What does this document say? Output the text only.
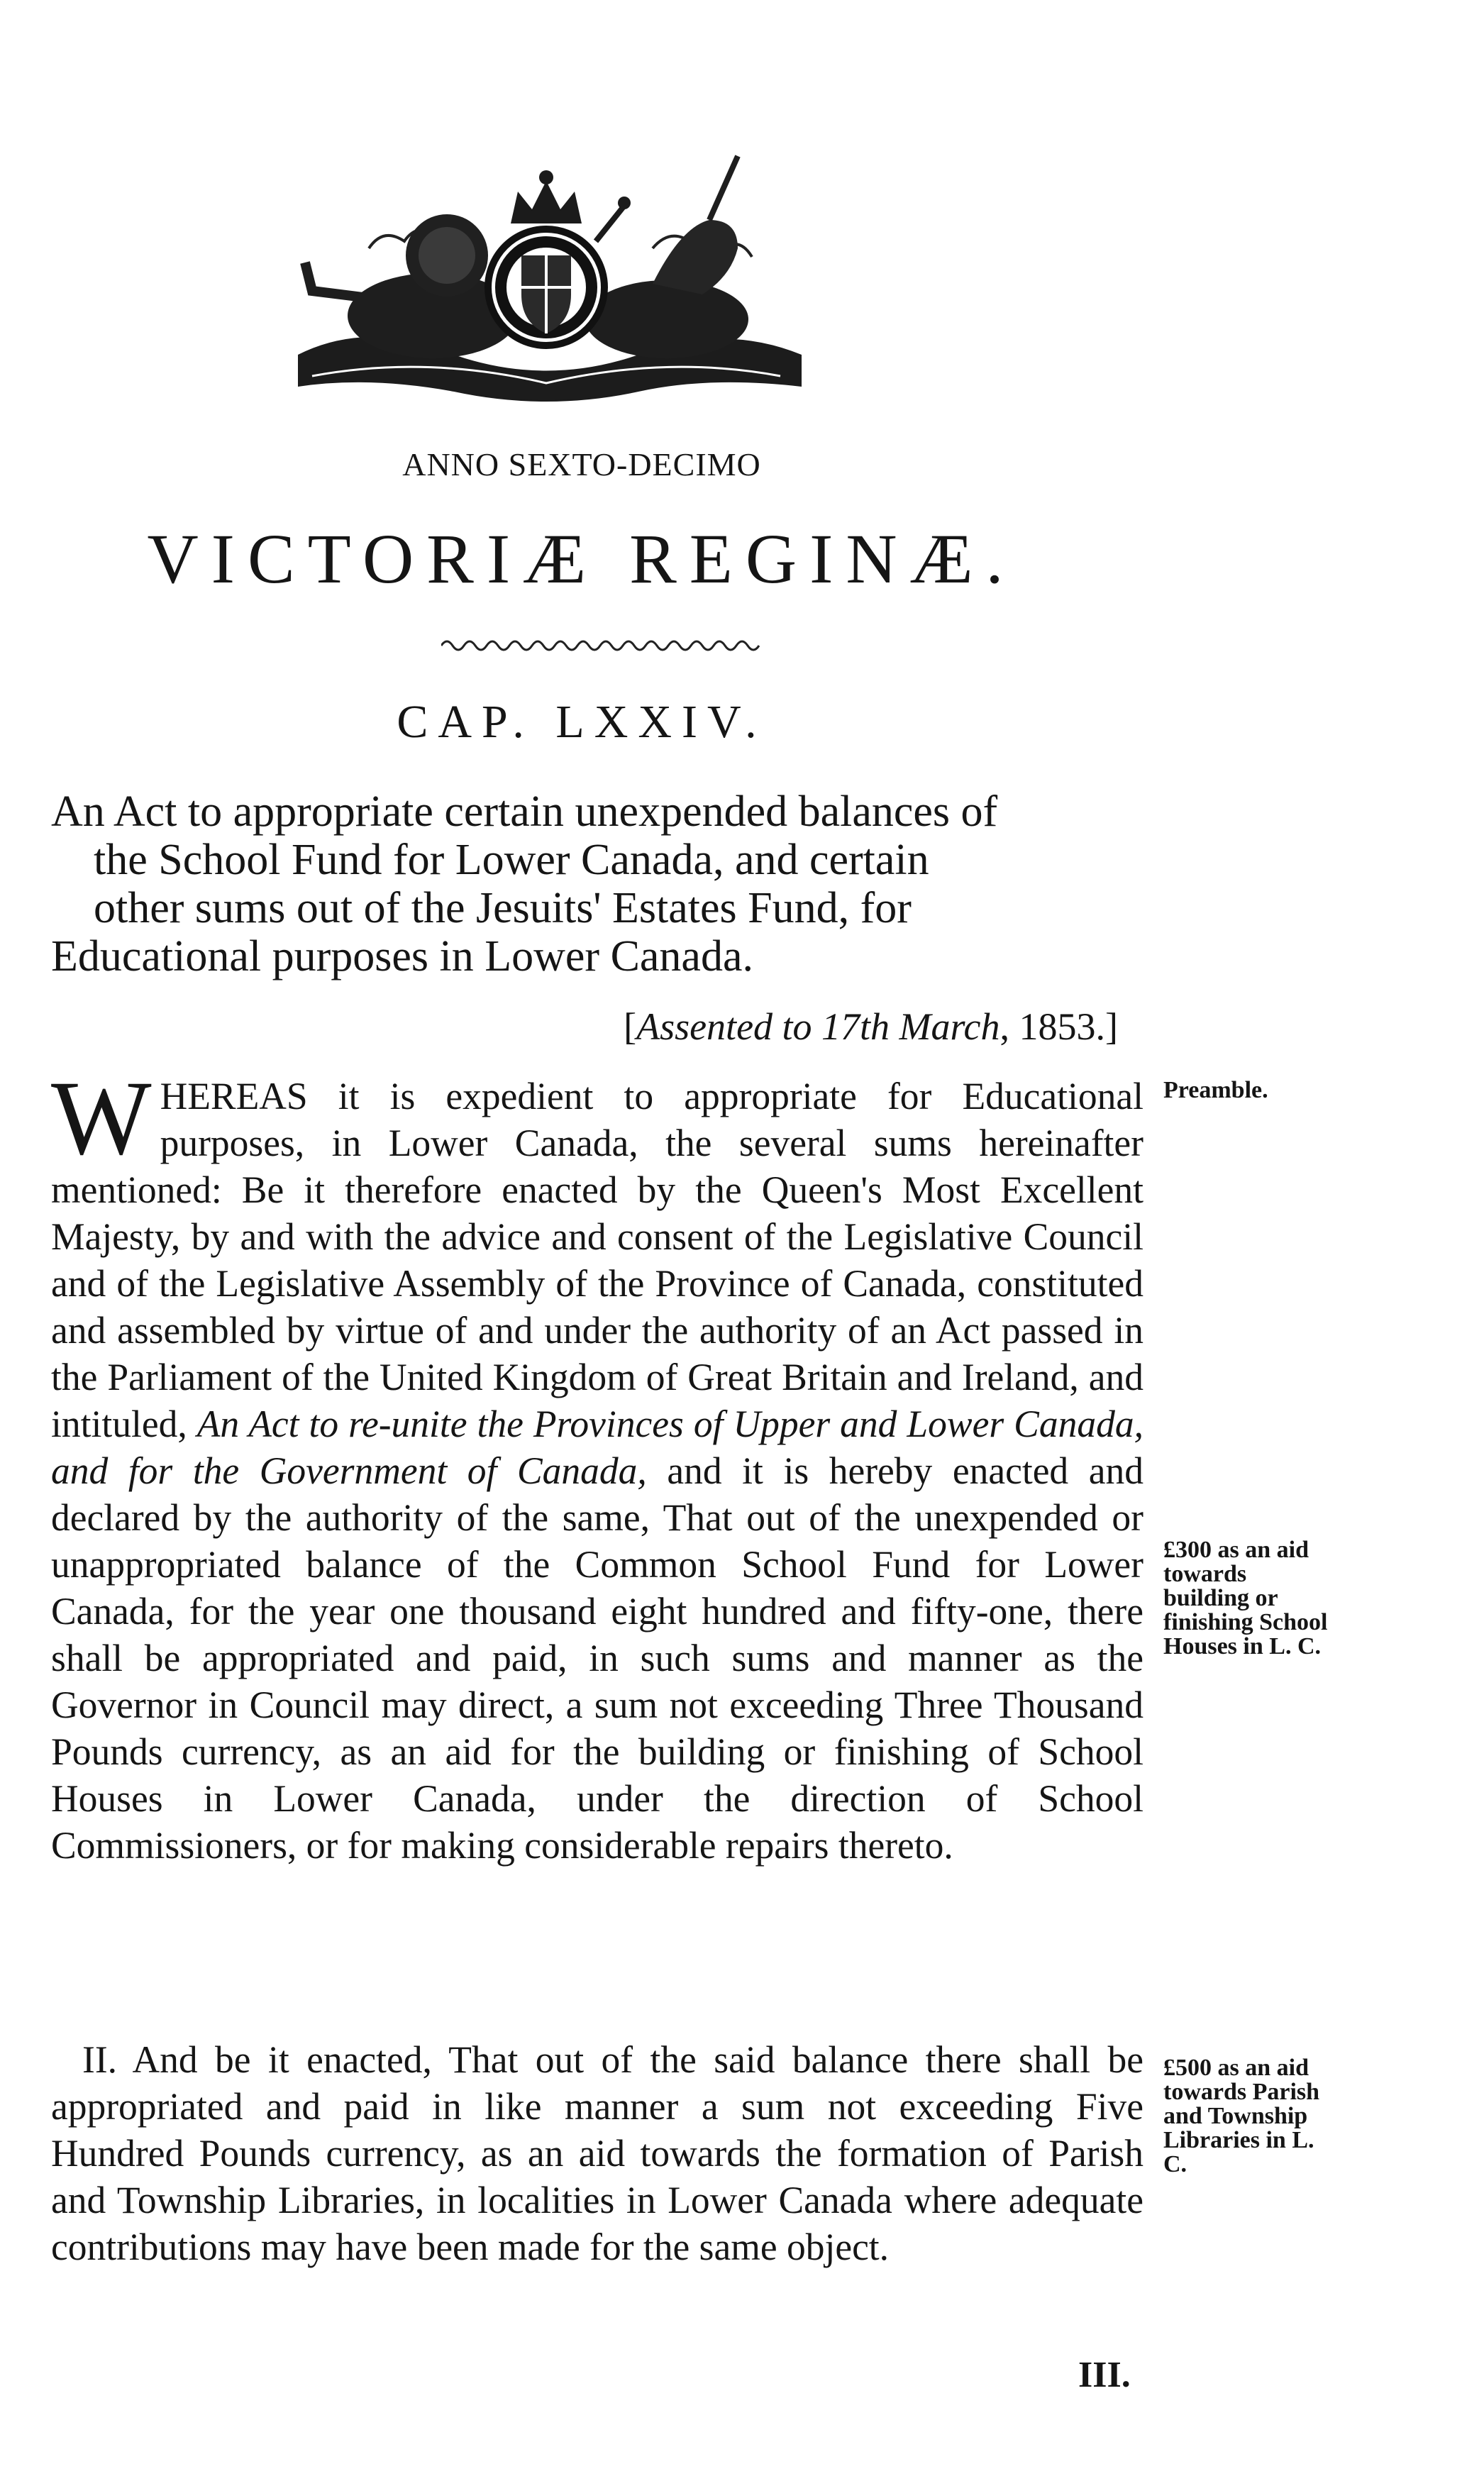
ANNO SEXTO-DECIMO
VICTORIÆ REGINÆ.
CAP. LXXIV.
An Act to appropriate certain unexpended balances of
the School Fund for Lower Canada, and certain
other sums out of the Jesuits' Estates Fund, for
Educational purposes in Lower Canada.
[Assented to 17th March, 1853.]
WHEREAS it is expedient to appropriate for Educational purposes, in Lower Canada, the several sums hereinafter mentioned: Be it therefore enacted by the Queen's Most Excellent Majesty, by and with the advice and consent of the Legislative Council and of the Legislative Assembly of the Province of Canada, constituted and assembled by virtue of and under the authority of an Act passed in the Parliament of the United Kingdom of Great Britain and Ireland, and intituled, An Act to re-unite the Provinces of Upper and Lower Canada, and for the Government of Canada, and it is hereby enacted and declared by the authority of the same, That out of the unexpended or unappropriated balance of the Common School Fund for Lower Canada, for the year one thousand eight hundred and fifty-one, there shall be appropriated and paid, in such sums and manner as the Governor in Council may direct, a sum not exceeding Three Thousand Pounds currency, as an aid for the building or finishing of School Houses in Lower Canada, under the direction of School Commissioners, or for making considerable repairs thereto.
II. And be it enacted, That out of the said balance there shall be appropriated and paid in like manner a sum not exceeding Five Hundred Pounds currency, as an aid towards the formation of Parish and Township Libraries, in localities in Lower Canada where adequate contributions may have been made for the same object.
Preamble.
£300 as an aid towards building or finishing School Houses in L. C.
£500 as an aid towards Parish and Township Libraries in L. C.
III.
